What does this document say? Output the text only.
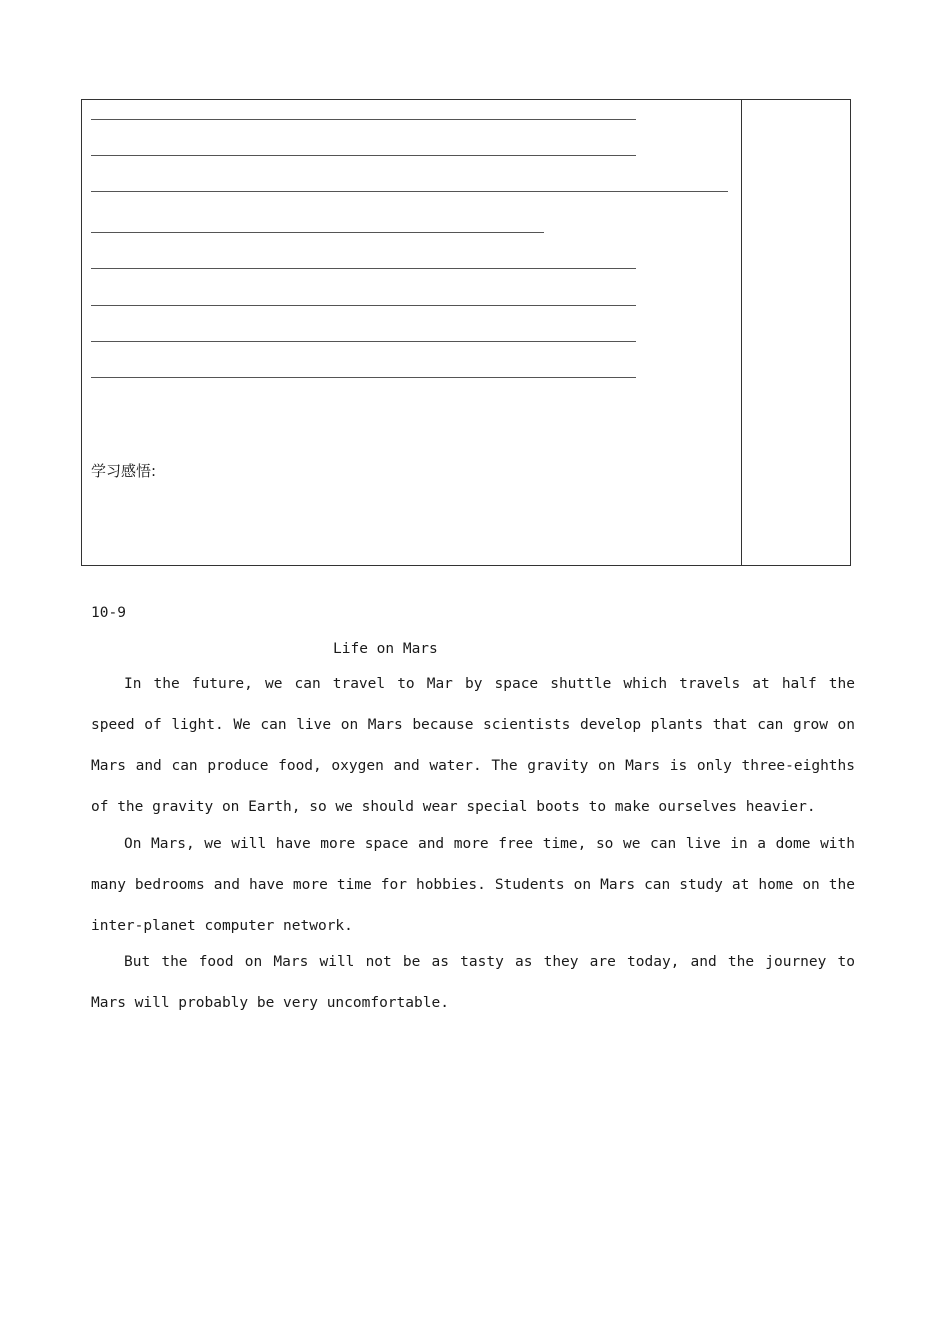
学习感悟:
10-9
Life on Mars

In the future, we can travel to Mar by space shuttle which travels at half the speed of light. We can live on Mars because scientists develop plants that can grow on Mars and can produce food, oxygen and water. The gravity on Mars is only three-eighths of the gravity on Earth, so we should wear special boots to make ourselves heavier.

On Mars, we will have more space and more free time, so we can live in a dome with many bedrooms and have more time for hobbies. Students on Mars can study at home on the inter-planet computer network.

But the food on Mars will not be as tasty as they are today, and the journey to Mars will probably be very uncomfortable.
